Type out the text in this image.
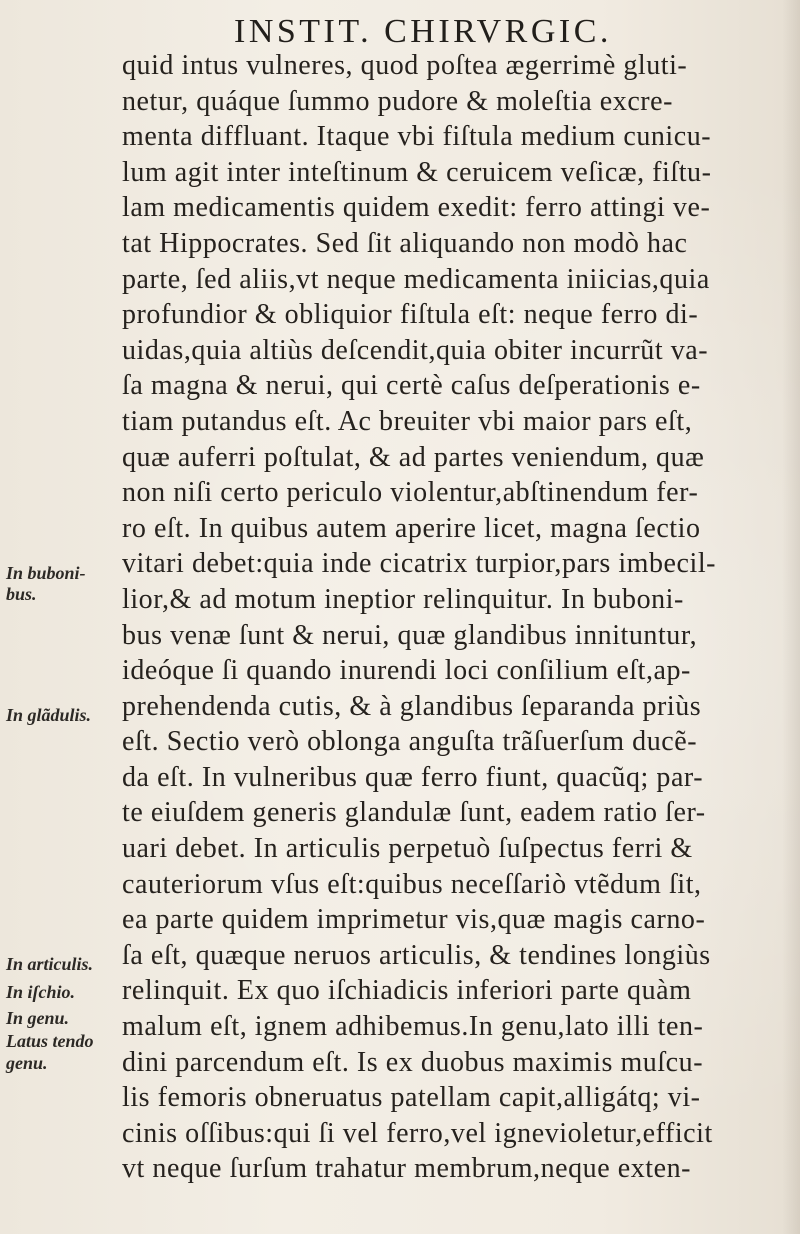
INSTIT. CHIRVRGIC.
quid intus vulneres, quod poſtea ægerrimè gluti-
netur, quáque ſummo pudore & moleſtia excre-
menta diffluant. Itaque vbi fiſtula medium cunicu-
lum agit inter inteſtinum & ceruicem veſicæ, fiſtu-
lam medicamentis quidem exedit: ferro attingi ve-
tat Hippocrates. Sed ſit aliquando non modò hac
parte, ſed aliis,vt neque medicamenta iniicias,quia
profundior & obliquior fiſtula eſt: neque ferro di-
uidas,quia altiùs deſcendit,quia obiter incurrũt va-
ſa magna & nerui, qui certè caſus deſperationis e-
tiam putandus eſt. Ac breuiter vbi maior pars eſt,
quæ auferri poſtulat, & ad partes veniendum, quæ
non niſi certo periculo violentur,abſtinendum fer-
ro eſt. In quibus autem aperire licet, magna ſectio
vitari debet:quia inde cicatrix turpior,pars imbecil-
lior,& ad motum ineptior relinquitur. In buboni-
bus venæ ſunt & nerui, quæ glandibus innituntur,
ideóque ſi quando inurendi loci conſilium eſt,ap-
prehendenda cutis, & à glandibus ſeparanda priùs
eſt. Sectio verò oblonga anguſta trãſuerſum ducẽ-
da eſt. In vulneribus quæ ferro fiunt, quacũq; par-
te eiuſdem generis glandulæ ſunt, eadem ratio ſer-
uari debet. In articulis perpetuò ſuſpectus ferri &
cauteriorum vſus eſt:quibus neceſſariò vtẽdum ſit,
ea parte quidem imprimetur vis,quæ magis carno-
ſa eſt, quæque neruos articulis, & tendines longiùs
relinquit. Ex quo iſchiadicis inferiori parte quàm
malum eſt, ignem adhibemus.In genu,lato illi ten-
dini parcendum eſt. Is ex duobus maximis muſcu-
lis femoris obneruatus patellam capit,alligátq; vi-
cinis oſſibus:qui ſi vel ferro,vel ignevioletur,efficit
vt neque ſurſum trahatur membrum,neque exten-
In buboni-
bus.
In glãdulis.
In articulis.
In iſchio.
In genu.
Latus tendo
genu.
